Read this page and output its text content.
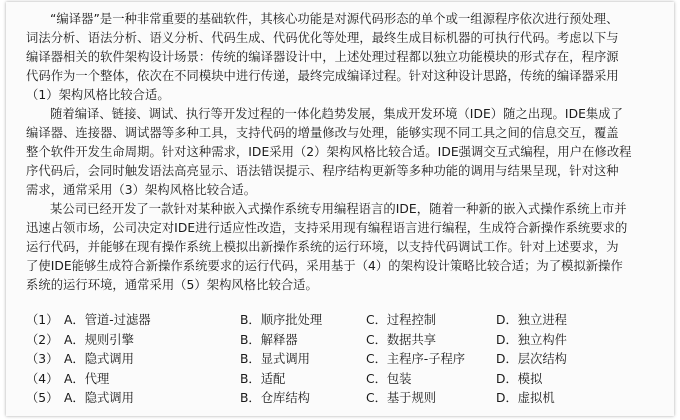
“编译器”是一种非常重要的基础软件，其核心功能是对源代码形态的单个或一组源程序依次进行预处理、
词法分析、语法分析、语义分析、代码生成、代码优化等处理，最终生成目标机器的可执行代码。考虑以下与
编译器相关的软件架构设计场景：传统的编译器设计中，上述处理过程都以独立功能模块的形式存在，程序源
代码作为一个整体，依次在不同模块中进行传递，最终完成编译过程。针对这种设计思路，传统的编译器采用
（1）架构风格比较合适。

随着编译、链接、调试、执行等开发过程的一体化趋势发展，集成开发环境（IDE）随之出现。IDE集成了
编译器、连接器、调试器等多种工具，支持代码的增量修改与处理，能够实现不同工具之间的信息交互，覆盖
整个软件开发生命周期。针对这种需求，IDE采用（2）架构风格比较合适。IDE强调交互式编程，用户在修改程
序代码后，会同时触发语法高亮显示、语法错误提示、程序结构更新等多种功能的调用与结果呈现，针对这种
需求，通常采用（3）架构风格比较合适。

某公司已经开发了一款针对某种嵌入式操作系统专用编程语言的IDE，随着一种新的嵌入式操作系统上市并
迅速占领市场，公司决定对IDE进行适应性改造，支持采用现有编程语言进行编程，生成符合新操作系统要求的
运行代码，并能够在现有操作系统上模拟出新操作系统的运行环境，以支持代码调试工作。针对上述要求，为
了使IDE能够生成符合新操作系统要求的运行代码，采用基于（4）的架构设计策略比较合适；为了模拟新操作
系统的运行环境，通常采用（5）架构风格比较合适。

（1） A．管道-过滤器	B．顺序批处理	C．过程控制	D．独立进程
（2） A．规则引擎	B．解释器	C．数据共享	D．独立构件
（3） A．隐式调用	B．显式调用	C．主程序-子程序	D．层次结构
（4） A．代理	B．适配	C．包装	D．模拟
（5） A．隐式调用	B．仓库结构	C．基于规则	D．虚拟机
